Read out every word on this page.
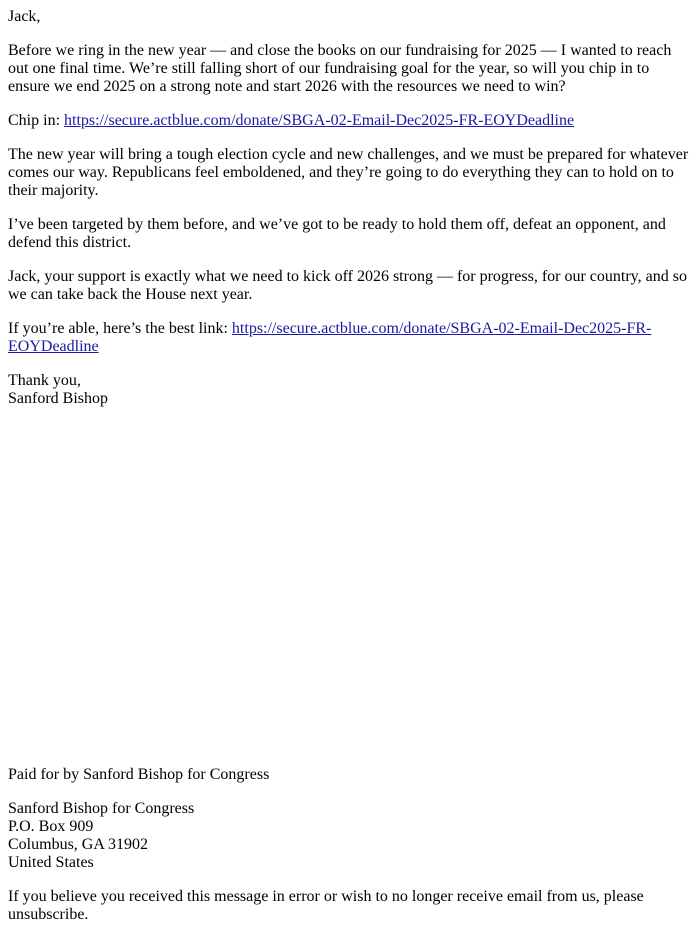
Jack,

Before we ring in the new year — and close the books on our fundraising for 2025 — I wanted to reach out one final time. We’re still falling short of our fundraising goal for the year, so will you chip in to ensure we end 2025 on a strong note and start 2026 with the resources we need to win?

Chip in: https://secure.actblue.com/donate/SBGA-02-Email-Dec2025-FR-EOYDeadline

The new year will bring a tough election cycle and new challenges, and we must be prepared for whatever comes our way. Republicans feel emboldened, and they’re going to do everything they can to hold on to their majority.

I’ve been targeted by them before, and we’ve got to be ready to hold them off, defeat an opponent, and defend this district.

Jack, your support is exactly what we need to kick off 2026 strong — for progress, for our country, and so we can take back the House next year.

If you’re able, here’s the best link: https://secure.actblue.com/donate/SBGA-02-Email-Dec2025-FR-EOYDeadline

Thank you,
Sanford Bishop

Paid for by Sanford Bishop for Congress

Sanford Bishop for Congress
P.O. Box 909
Columbus, GA 31902
United States

If you believe you received this message in error or wish to no longer receive email from us, please unsubscribe.
